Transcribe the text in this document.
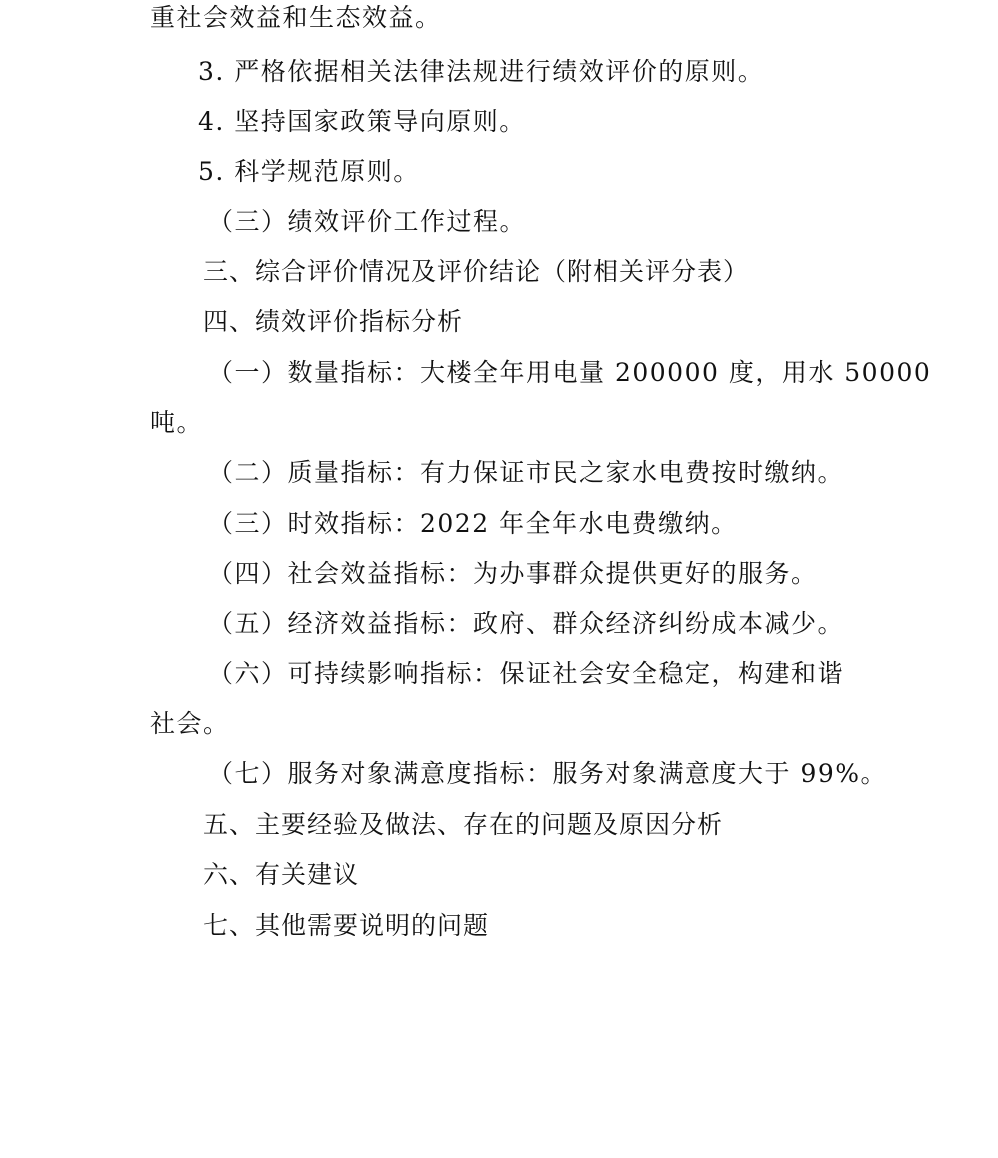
重社会效益和生态效益。
3. 严格依据相关法律法规进行绩效评价的原则。
4. 坚持国家政策导向原则。
5. 科学规范原则。
（三）绩效评价工作过程。
三、综合评价情况及评价结论（附相关评分表）
四、绩效评价指标分析
（一）数量指标：大楼全年用电量 200000 度，用水 50000
吨。
（二）质量指标：有力保证市民之家水电费按时缴纳。
（三）时效指标：2022 年全年水电费缴纳。
（四）社会效益指标：为办事群众提供更好的服务。
（五）经济效益指标：政府、群众经济纠纷成本减少。
（六）可持续影响指标：保证社会安全稳定，构建和谐
社会。
（七）服务对象满意度指标：服务对象满意度大于 99%。
五、主要经验及做法、存在的问题及原因分析
六、有关建议
七、其他需要说明的问题
